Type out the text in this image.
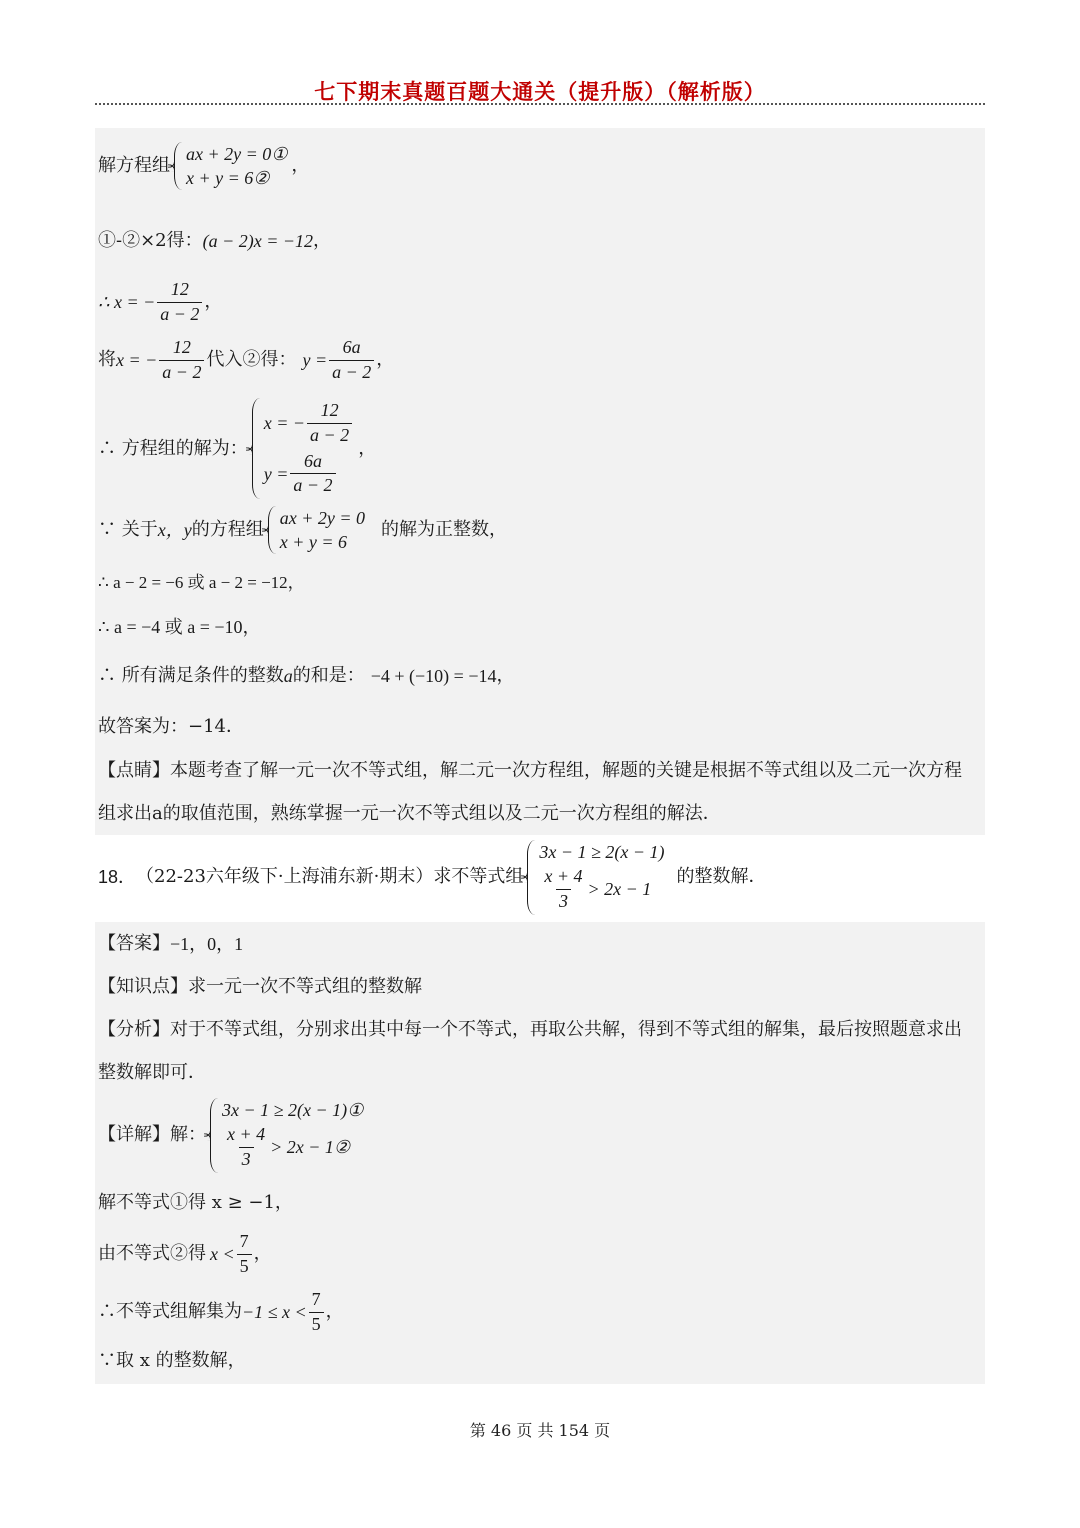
七下期末真题百题大通关（提升版）（解析版）
解方程组
ax + 2y = 0①
x + y = 6②
，
①-②×2得： (a − 2)x = −12 ，
∴ x = − $\frac{12}{a - 2}$ ，
将 x = − $\frac{12}{a - 2}$ 代入②得： $y = \frac{6a}{a - 2}$ ，
∴ 方程组的解为：
x = − $\frac{12}{a - 2}$
$y = \frac{6a}{a - 2}$
，
∵ 关于 x，y 的方程组
ax + 2y = 0
x + y = 6
的解为正整数，
∴ a − 2 = −6 或 a − 2 = −12，
∴ a = −4 或 a = −10，
∴ 所有满足条件的整数 a 的和是： −4 + (−10) = −14 ，
故答案为：−14．
【点睛】本题考查了解一元一次不等式组，解二元一次方程组，解题的关键是根据不等式组以及二元一次方程组求出a的取值范围，熟练掌握一元一次不等式组以及二元一次方程组的解法．
18． （22-23六年级下·上海浦东新·期末）求不等式组
3x − 1 ≥ 2(x − 1)
$\frac{x + 4}{3} > 2x - 1$
的整数解．
【答案】 −1，0，1
【知识点】 求一元一次不等式组的整数解
【分析】对于不等式组，分别求出其中每一个不等式，再取公共解，得到不等式组的解集，最后按照题意求出整数解即可．
【详解】解：
3x − 1 ≥ 2(x − 1)①
$\frac{x + 4}{3} > 2x$ − 1②
解不等式①得 x ≥ −1，
由不等式②得 $x < \frac{7}{5}$ ，
∴不等式组解集为 $-1 \le x < \frac{7}{5}$ ，
∵取 x 的整数解，
第 46 页 共 154 页
